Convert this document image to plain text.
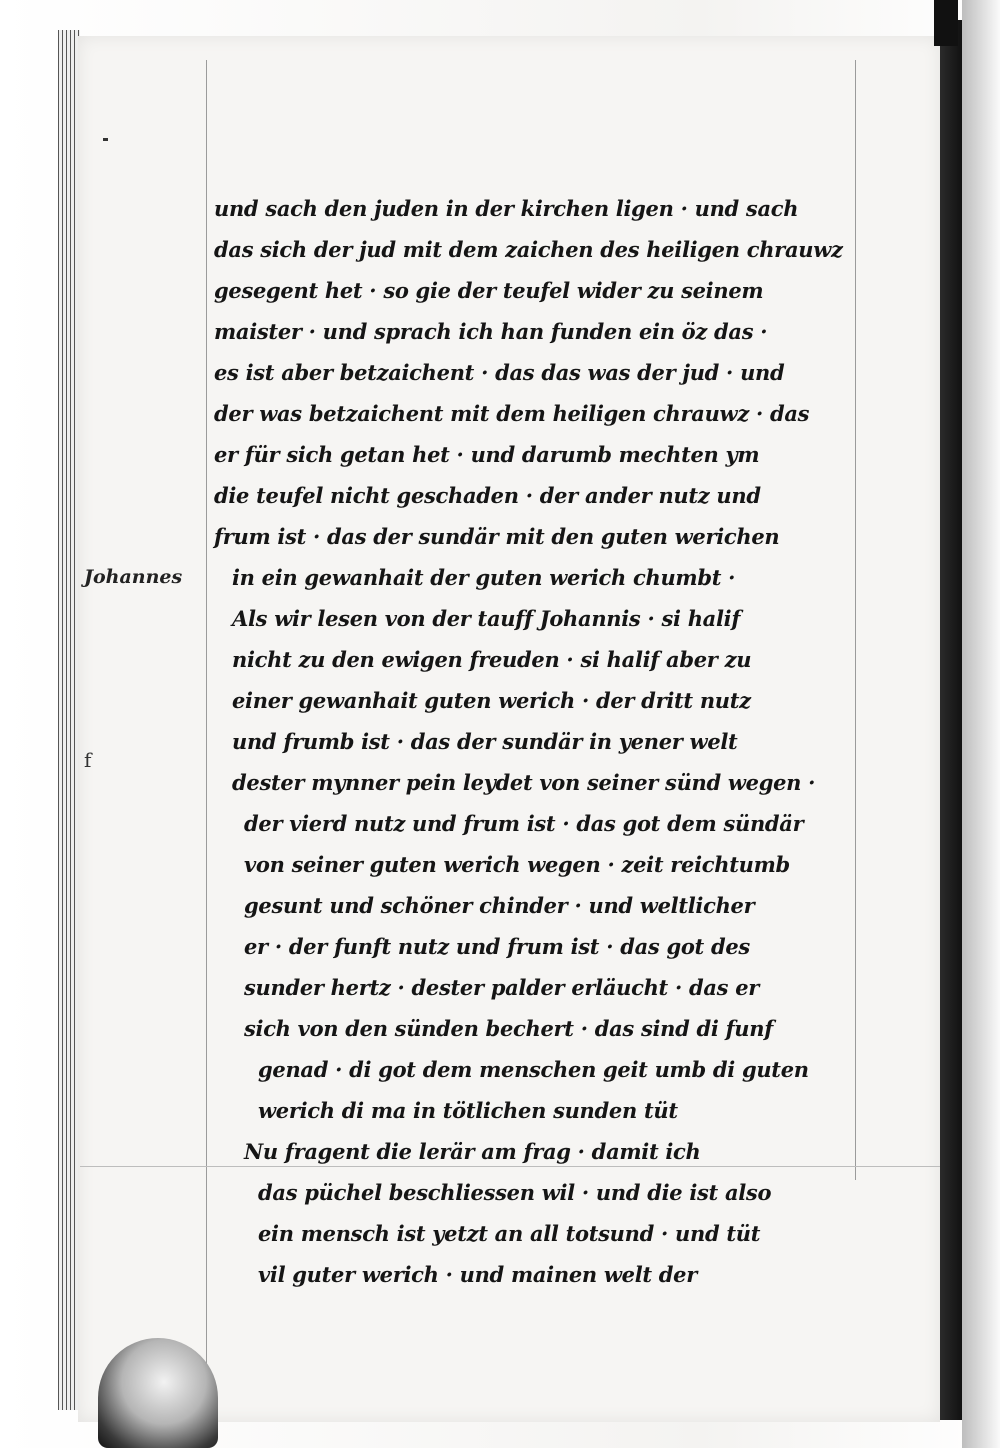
Johannes
f
und sach den juden in der kirchen ligen · und sach
das sich der jud mit dem zaichen des heiligen chrauwz
gesegent het · so gie der teufel wider zu seinem
maister · und sprach ich han funden ein öz das ·
es ist aber betzaichent · das das was der jud · und
der was betzaichent mit dem heiligen chrauwz · das
er für sich getan het · und darumb mechten ym
die teufel nicht geschaden · der ander nutz und
frum ist · das der sundär mit den guten werichen
in ein gewanhait der guten werich chumbt ·
Als wir lesen von der tauff Johannis · si halif
nicht zu den ewigen freuden · si halif aber zu
einer gewanhait guten werich · der dritt nutz
und frumb ist · das der sundär in yener welt
dester mynner pein leydet von seiner sünd wegen ·
der vierd nutz und frum ist · das got dem sündär
von seiner guten werich wegen · zeit reichtumb
gesunt und schöner chinder · und weltlicher
er · der funft nutz und frum ist · das got des
sunder hertz · dester palder erläucht · das er
sich von den sünden bechert · das sind di funf
genad · di got dem menschen geit umb di guten
werich di ma in tötlichen sunden tüt
Nu fragent die lerär am frag · damit ich
das püchel beschliessen wil · und die ist also
ein mensch ist yetzt an all totsund · und tüt
vil guter werich · und mainen welt der
